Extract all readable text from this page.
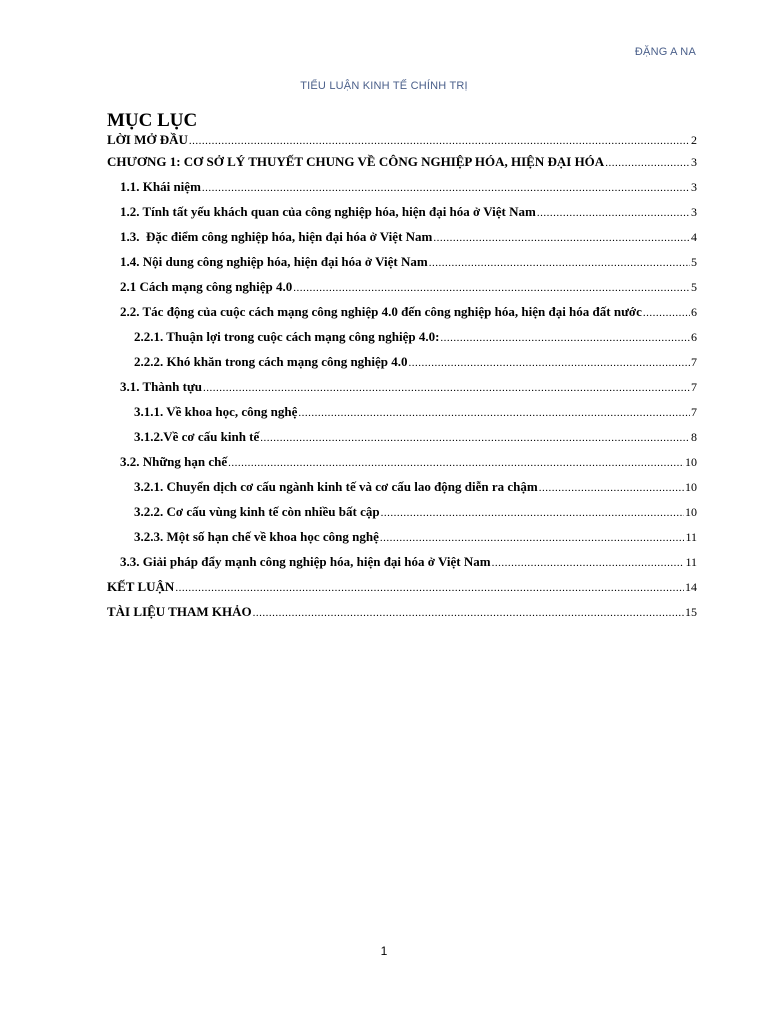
ĐẶNG A NA
TIỂU LUẬN KINH TẾ CHÍNH TRỊ
MỤC LỤC
LỜI MỞ ĐẦU .....	2
CHƯƠNG 1: CƠ SỞ LÝ THUYẾT CHUNG VỀ CÔNG NGHIỆP HÓA, HIỆN ĐẠI HÓA .....	3
1.1. Khái niệm .....	3
1.2. Tính tất yếu khách quan của công nghiệp hóa, hiện đại hóa ở Việt Nam .....	3
1.3.  Đặc điểm công nghiệp hóa, hiện đại hóa ở Việt Nam .....	4
1.4. Nội dung công nghiệp hóa, hiện đại hóa ở Việt Nam .....	5
2.1 Cách mạng công nghiệp 4.0 .....	5
2.2. Tác động của cuộc cách mạng công nghiệp 4.0 đến công nghiệp hóa, hiện đại hóa đất nước .....	6
2.2.1. Thuận lợi trong cuộc cách mạng công nghiệp 4.0: .....	6
2.2.2. Khó khăn trong cách mạng công nghiệp 4.0 .....	7
3.1. Thành tựu .....	7
3.1.1. Về khoa học, công nghệ .....	7
3.1.2.Về cơ cấu kinh tế .....	8
3.2. Những hạn chế .....	10
3.2.1. Chuyển dịch cơ cấu ngành kinh tế và cơ cấu lao động diễn ra chậm .....	10
3.2.2. Cơ cấu vùng kinh tế còn nhiều bất cập .....	10
3.2.3. Một số hạn chế về khoa học công nghệ .....	11
3.3. Giải pháp đẩy mạnh công nghiệp hóa, hiện đại hóa ở Việt Nam .....	11
KẾT LUẬN .....	14
TÀI LIỆU THAM KHẢO .....	15
1
